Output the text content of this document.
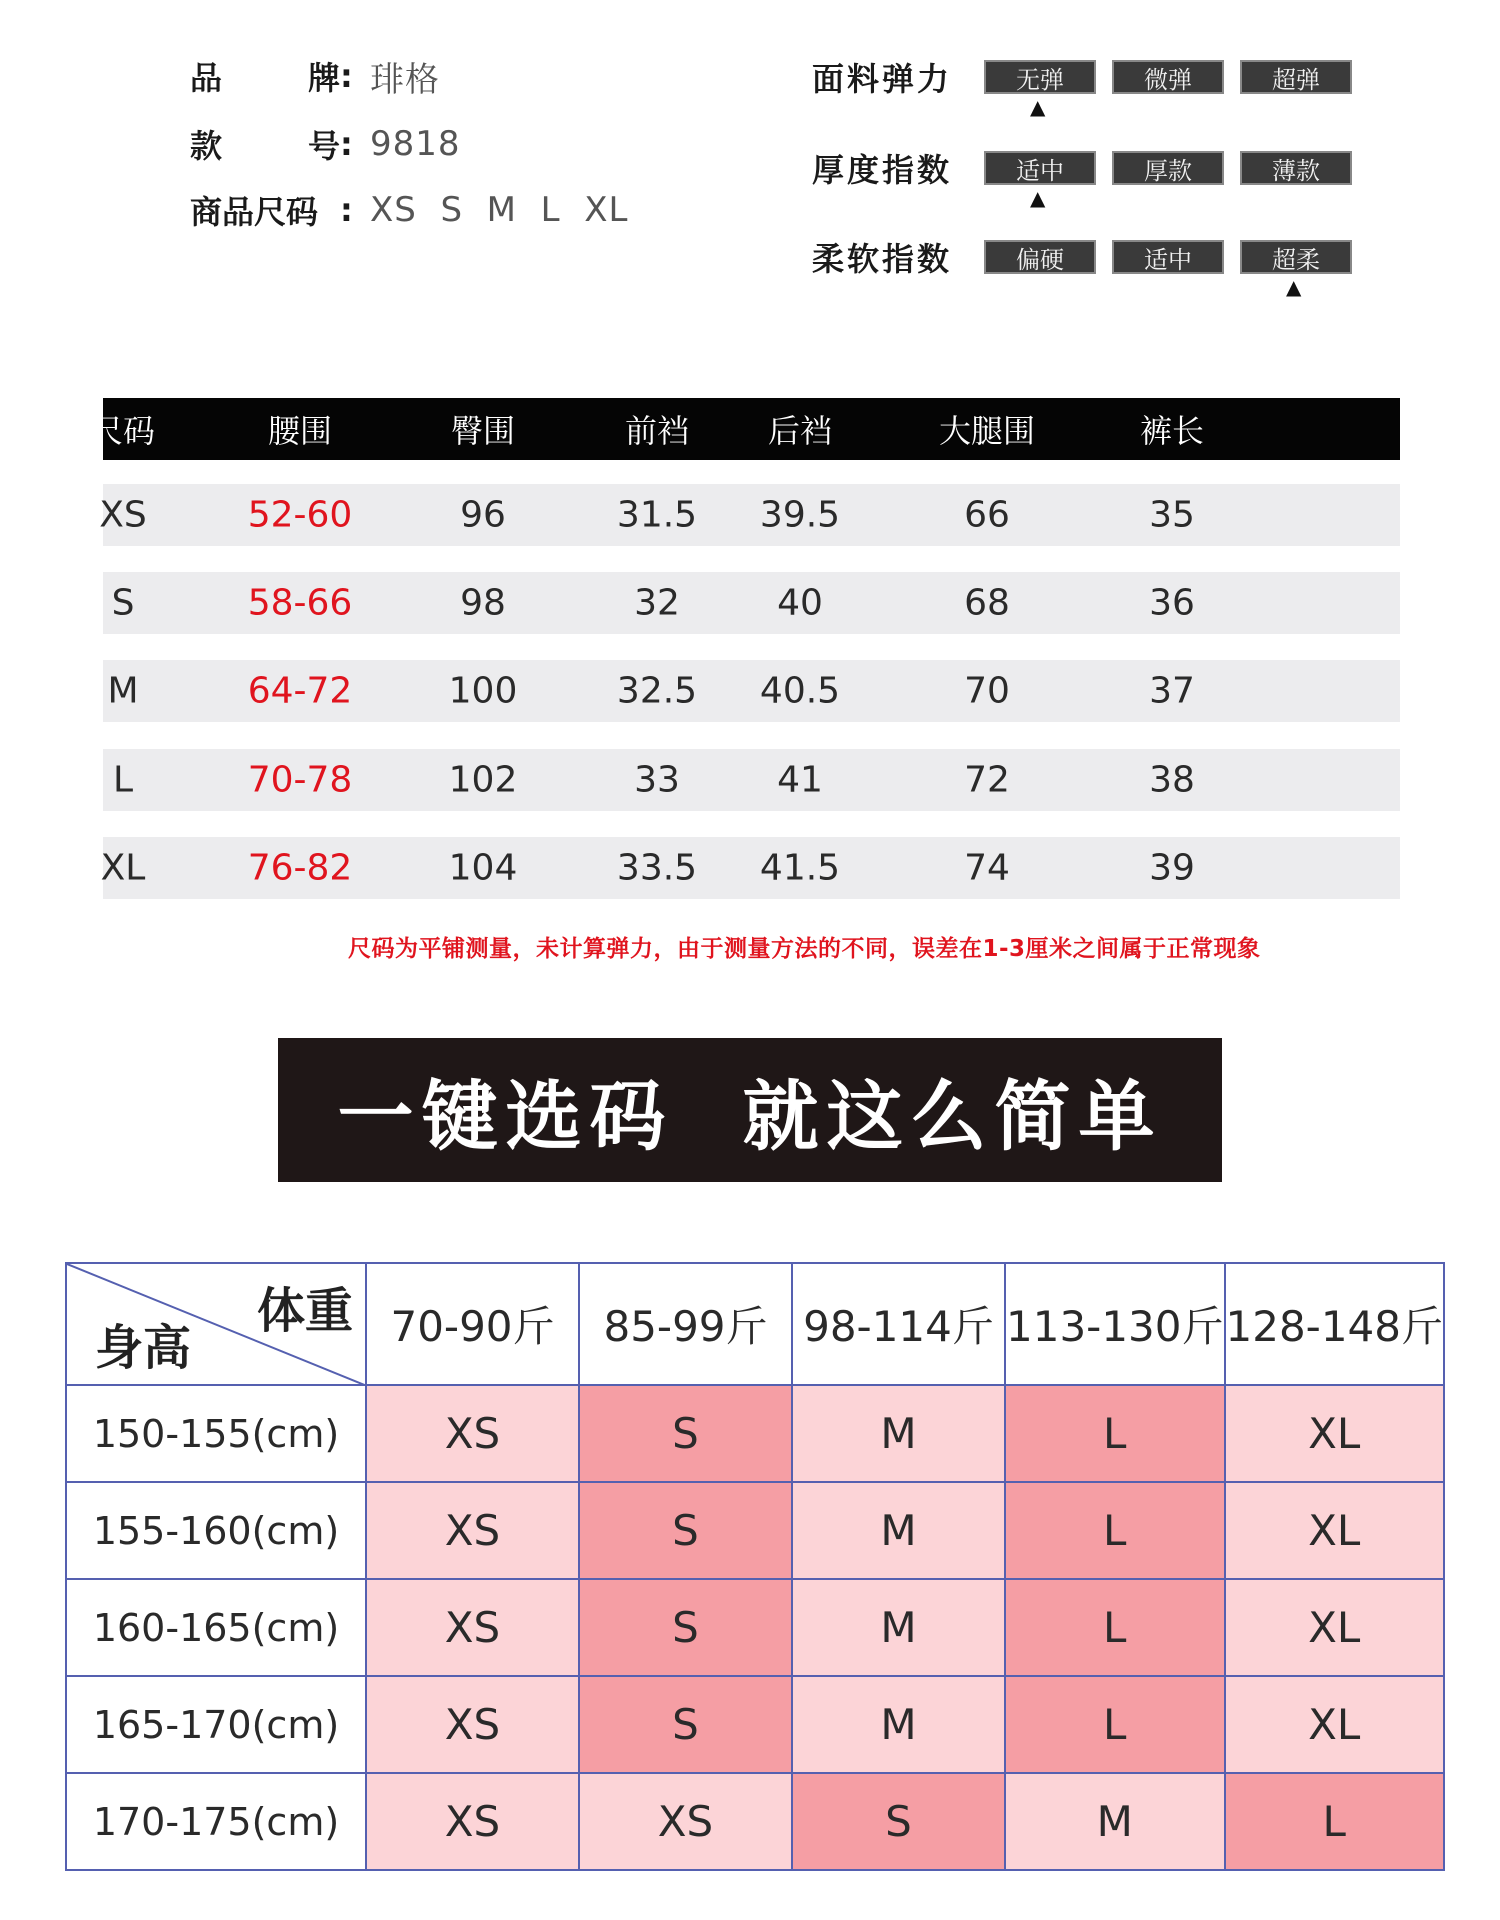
品	牌 : 琲格
款	号 : 9818
商品尺码 : XS  S  M  L  XL
面料弹力	无弹	微弹	超弹
▲
厚度指数	适中	厚款	薄款
▲
柔软指数	偏硬	适中	超柔
▲
尺码	腰围	臀围	前裆 后裆	大腿围	裤长
XS	52-60	96	31.5 39.5	66	35
S	58-66	98	32	40	68	36
M	64-72	100	32.5 40.5	70	37
L	70-78	102	33	41	72	38
XL	76-82	104	33.5 41.5	74	39
尺码为平铺测量，未计算弹力，由于测量方法的不同，误差在1-3厘米之间属于正常现象
一键选码  就这么简单
体重
身高	70-90斤	85-99斤	98-114斤	113-130斤	128-148斤
150-155(cm)	XS	S	M	L	XL
155-160(cm)	XS	S	M	L	XL
160-165(cm)	XS	S	M	L	XL
165-170(cm)	XS	S	M	L	XL
170-175(cm)	XS	XS	S	M	L
